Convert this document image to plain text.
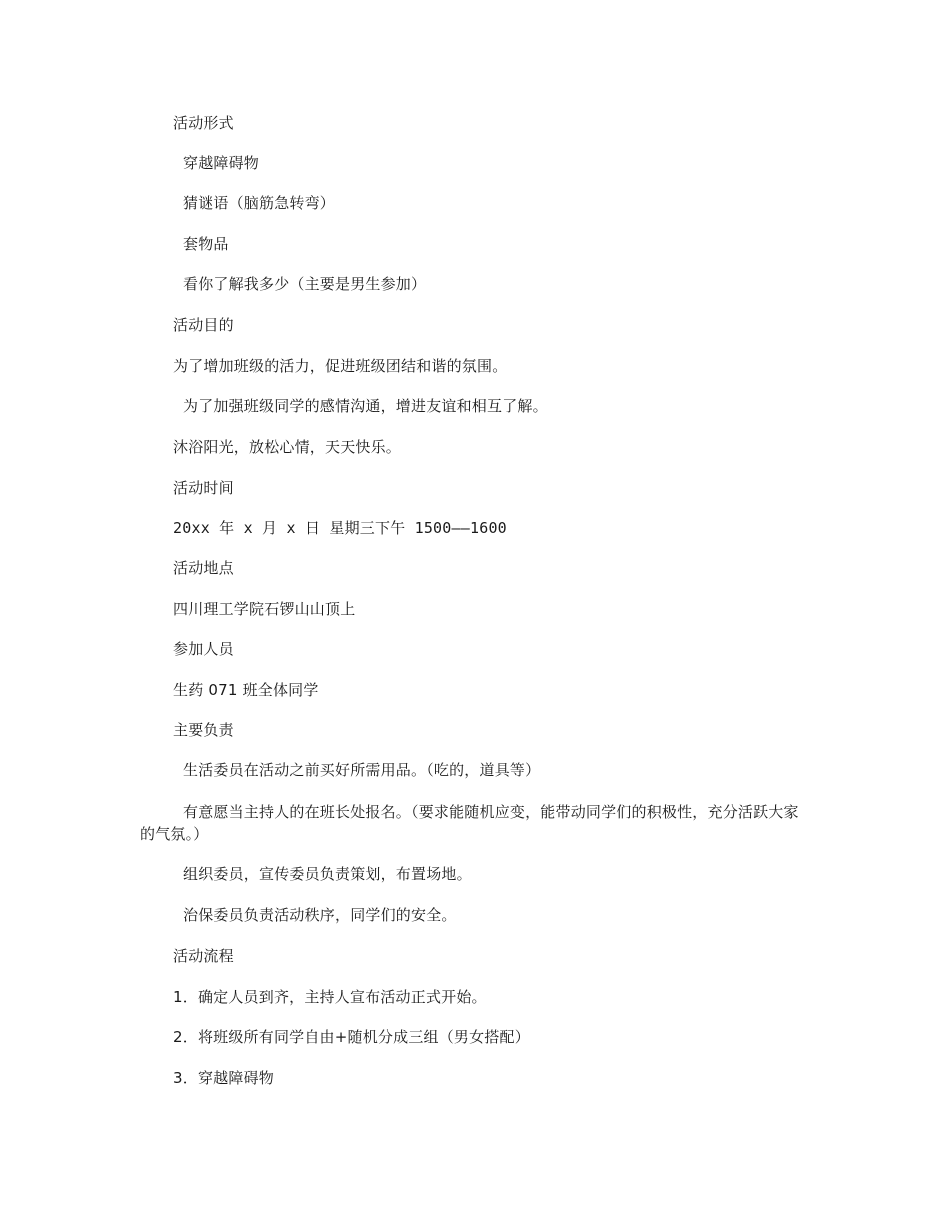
活动形式
穿越障碍物
猜谜语（脑筋急转弯）
套物品
看你了解我多少（主要是男生参加）
活动目的
为了增加班级的活力，促进班级团结和谐的氛围。
为了加强班级同学的感情沟通，增进友谊和相互了解。
沐浴阳光，放松心情，天天快乐。
活动时间
20xx 年 x 月 x 日 星期三下午 1500——1600
活动地点
四川理工学院石锣山山顶上
参加人员
生药 071 班全体同学
主要负责
生活委员在活动之前买好所需用品。（吃的，道具等）
有意愿当主持人的在班长处报名。（要求能随机应变，能带动同学们的积极性，充分活跃大家的气氛。）
组织委员，宣传委员负责策划，布置场地。
治保委员负责活动秩序，同学们的安全。
活动流程
1．确定人员到齐，主持人宣布活动正式开始。
2．将班级所有同学自由+随机分成三组（男女搭配）
3．穿越障碍物
